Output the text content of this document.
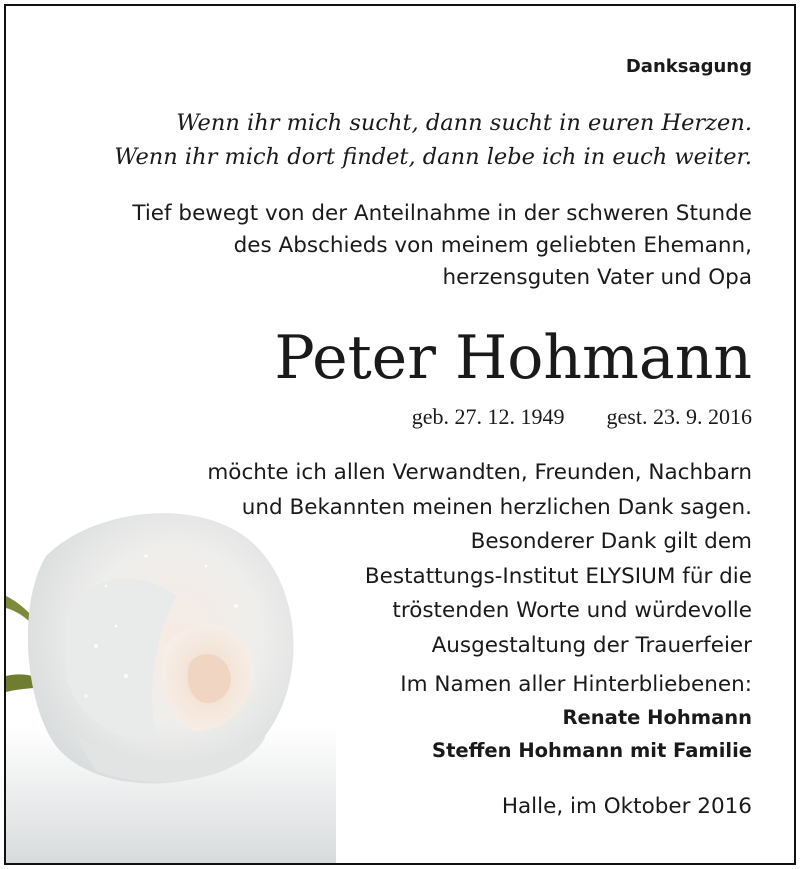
Danksagung
Wenn ihr mich sucht, dann sucht in euren Herzen.
Wenn ihr mich dort findet, dann lebe ich in euch weiter.
Tief bewegt von der Anteilnahme in der schweren Stunde
des Abschieds von meinem geliebten Ehemann,
herzensguten Vater und Opa
Peter Hohmann
geb. 27. 12. 1949 gest. 23. 9. 2016
möchte ich allen Verwandten, Freunden, Nachbarn
und Bekannten meinen herzlichen Dank sagen.
Besonderer Dank gilt dem
Bestattungs-Institut ELYSIUM für die
tröstenden Worte und würdevolle
Ausgestaltung der Trauerfeier
Im Namen aller Hinterbliebenen:
Renate Hohmann
Steffen Hohmann mit Familie
Halle, im Oktober 2016
